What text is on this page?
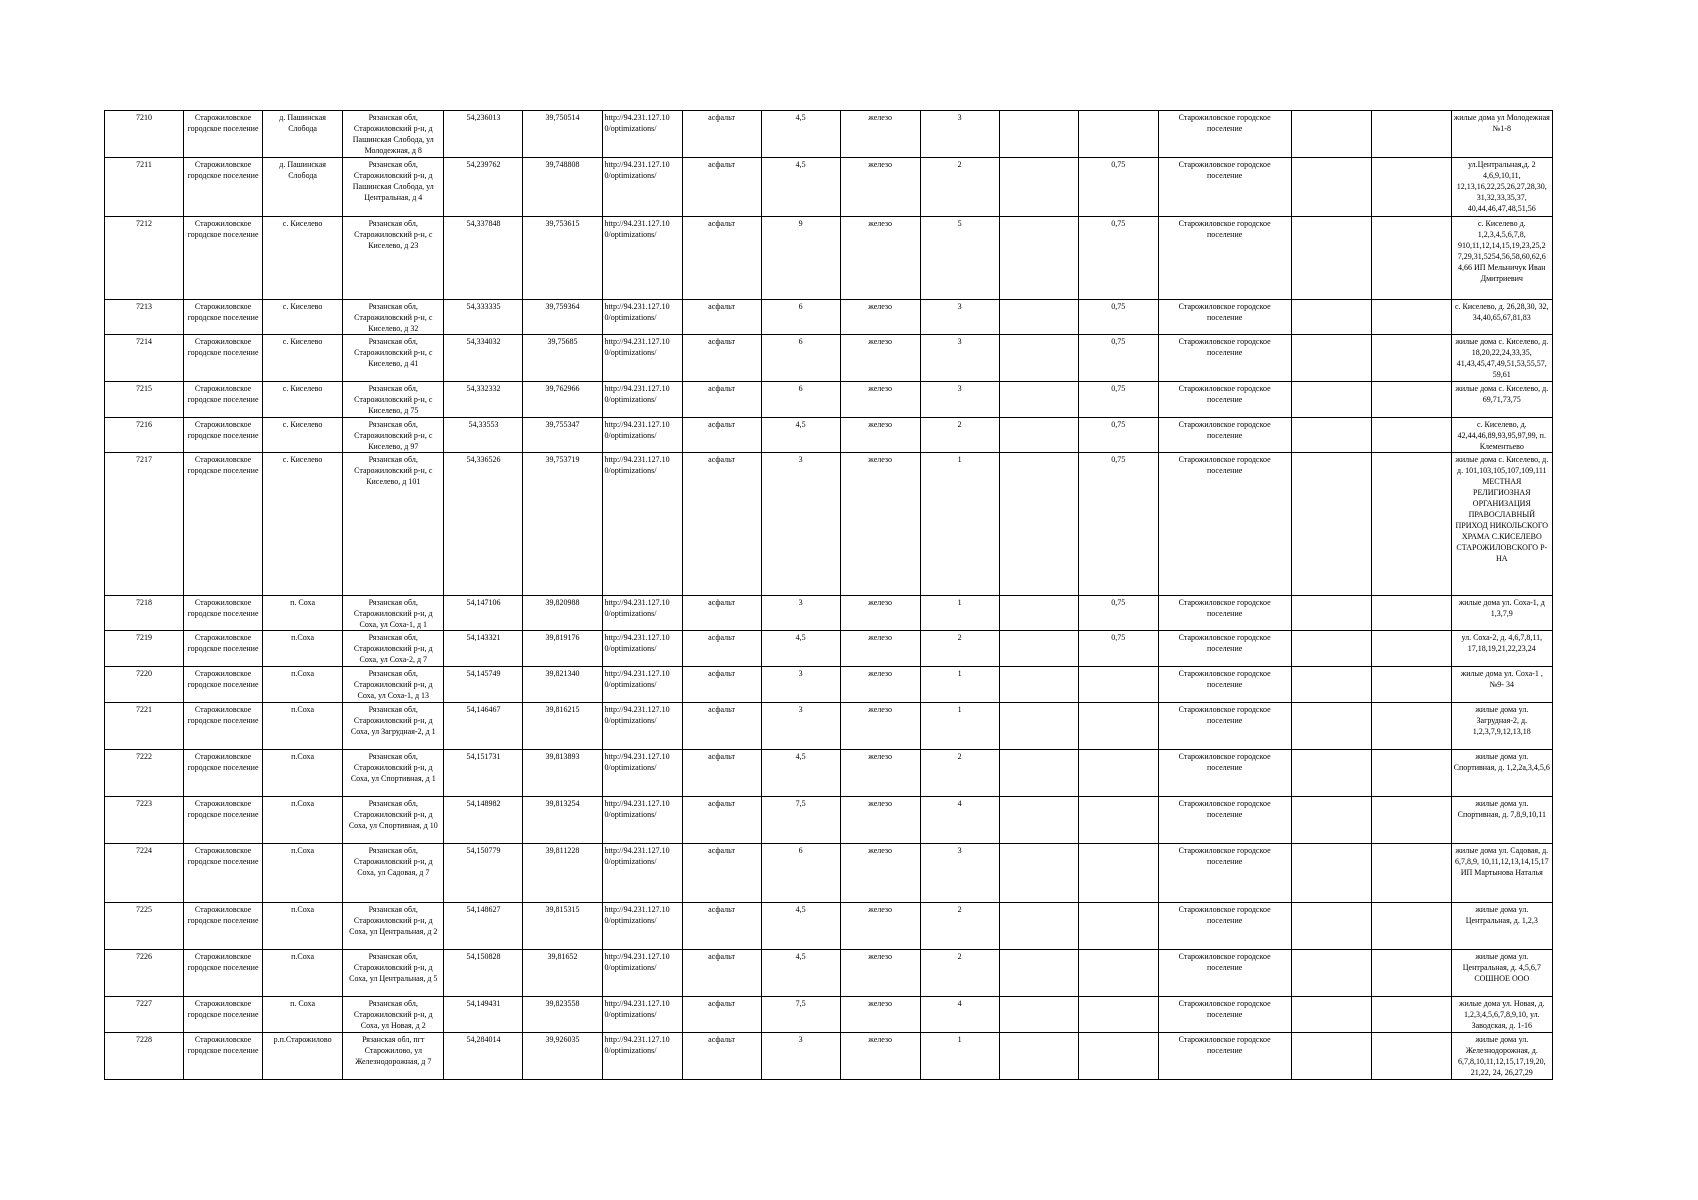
7210	Старожиловское городское поселение	д. Пашинская Слобода	Рязанская обл, Старожиловский р-н, д Пашинская Слобода, ул Молодежная, д 8	54,236013	39,750514	http://94.231.127.10 0/optimizations/	асфальт	4,5	железо	3			Старожиловское городское поселение			жилые дома ул Молодежная №1-8
7211	Старожиловское городское поселение	д. Пашинская Слобода	Рязанская обл, Старожиловский р-н, д Пашинская Слобода, ул Центральная, д 4	54,239762	39,748808	http://94.231.127.10 0/optimizations/	асфальт	4,5	железо	2		0,75	Старожиловское городское поселение			ул.Центральная,д. 2 4,6,9,10,11, 12,13,16,22,25,26,27,28,30, 31,32,33,35,37, 40,44,46,47,48,51,56
7212	Старожиловское городское поселение	с. Киселево	Рязанская обл, Старожиловский р-н, с Киселево, д 23	54,337848	39,753615	http://94.231.127.10 0/optimizations/	асфальт	9	железо	5		0,75	Старожиловское городское поселение			с. Киселево д. 1,2,3,4,5,6,7,8, 910,11,12,14,15,19,23,25,2 7,29,31,5254,56,58,60,62,6 4,66 ИП Мельничук Иван Дмитриевич
7213	Старожиловское городское поселение	с. Киселево	Рязанская обл, Старожиловский р-н, с Киселево, д 32	54,333335	39,759364	http://94.231.127.10 0/optimizations/	асфальт	6	железо	3		0,75	Старожиловское городское поселение			с. Киселево, д. 26,28,30, 32, 34,40,65,67,81,83
7214	Старожиловское городское поселение	с. Киселево	Рязанская обл, Старожиловский р-н, с Киселево, д 41	54,334032	39,75685	http://94.231.127.10 0/optimizations/	асфальт	6	железо	3		0,75	Старожиловское городское поселение			жилые дома с. Киселево, д. 18,20,22,24,33,35, 41,43,45,47,49,51,53,55,57, 59,61
7215	Старожиловское городское поселение	с. Киселево	Рязанская обл, Старожиловский р-н, с Киселево, д 75	54,332332	39,762966	http://94.231.127.10 0/optimizations/	асфальт	6	железо	3		0,75	Старожиловское городское поселение			жилые дома с. Киселево, д. 69,71,73,75
7216	Старожиловское городское поселение	с. Киселево	Рязанская обл, Старожиловский р-н, с Киселево, д 97	54,33553	39,755347	http://94.231.127.10 0/optimizations/	асфальт	4,5	железо	2		0,75	Старожиловское городское поселение			с. Киселево, д. 42,44,46,89,93,95,97,99, п. Клементьево
7217	Старожиловское городское поселение	с. Киселево	Рязанская обл, Старожиловский р-н, с Киселево, д 101	54,336526	39,753719	http://94.231.127.10 0/optimizations/	асфальт	3	железо	1		0,75	Старожиловское городское поселение			жилые дома с. Киселево, д. д. 101,103,105,107,109,111 МЕСТНАЯ РЕЛИГИОЗНАЯ ОРГАНИЗАЦИЯ ПРАВОСЛАВНЫЙ ПРИХОД НИКОЛЬСКОГО ХРАМА С.КИСЕЛЕВО СТАРОЖИЛОВСКОГО Р-НА
7218	Старожиловское городское поселение	п. Соха	Рязанская обл, Старожиловский р-н, д Соха, ул Соха-1, д 1	54,147106	39,820988	http://94.231.127.10 0/optimizations/	асфальт	3	железо	1		0,75	Старожиловское городское поселение			жилые дома ул. Соха-1, д 1,3,7,9
7219	Старожиловское городское поселение	п.Соха	Рязанская обл, Старожиловский р-н, д Соха, ул Соха-2, д 7	54,143321	39,819176	http://94.231.127.10 0/optimizations/	асфальт	4,5	железо	2		0,75	Старожиловское городское поселение			ул. Соха-2, д. 4,6,7,8,11, 17,18,19,21,22,23,24
7220	Старожиловское городское поселение	п.Соха	Рязанская обл, Старожиловский р-н, д Соха, ул Соха-1, д 13	54,145749	39,821340	http://94.231.127.10 0/optimizations/	асфальт	3	железо	1			Старожиловское городское поселение			жилые дома ул. Соха-1 , №9- 34
7221	Старожиловское городское поселение	п.Соха	Рязанская обл, Старожиловский р-н, д Соха, ул Загрудная-2, д 1	54,146467	39,816215	http://94.231.127.10 0/optimizations/	асфальт	3	железо	1			Старожиловское городское поселение			жилые дома ул. Загрудная-2, д. 1,2,3,7,9,12,13,18
7222	Старожиловское городское поселение	п.Соха	Рязанская обл, Старожиловский р-н, д Соха, ул Спортивная, д 1	54,151731	39,813893	http://94.231.127.10 0/optimizations/	асфальт	4,5	железо	2			Старожиловское городское поселение			жилые дома ул. Спортивная, д. 1,2,2а,3,4,5,6
7223	Старожиловское городское поселение	п.Соха	Рязанская обл, Старожиловский р-н, д Соха, ул Спортивная, д 10	54,148982	39,813254	http://94.231.127.10 0/optimizations/	асфальт	7,5	железо	4			Старожиловское городское поселение			жилые дома ул. Спортивная, д. 7,8,9,10,11
7224	Старожиловское городское поселение	п.Соха	Рязанская обл, Старожиловский р-н, д Соха, ул Садовая, д 7	54,150779	39,811228	http://94.231.127.10 0/optimizations/	асфальт	6	железо	3			Старожиловское городское поселение			жилые дома ул. Садовая, д. 6,7,8,9, 10,11,12,13,14,15,17 ИП Мартынова Наталья
7225	Старожиловское городское поселение	п.Соха	Рязанская обл, Старожиловский р-н, д Соха, ул Центральная, д 2	54,148627	39,815315	http://94.231.127.10 0/optimizations/	асфальт	4,5	железо	2			Старожиловское городское поселение			жилые дома ул. Центральная, д. 1,2,3
7226	Старожиловское городское поселение	п.Соха	Рязанская обл, Старожиловский р-н, д Соха, ул Центральная, д 5	54,150828	39,81652	http://94.231.127.10 0/optimizations/	асфальт	4,5	железо	2			Старожиловское городское поселение			жилые дома ул. Центральная, д. 4,5,6,7 СОШНОЕ ООО
7227	Старожиловское городское поселение	п. Соха	Рязанская обл, Старожиловский р-н, д Соха, ул Новая, д 2	54,149431	39,823558	http://94.231.127.10 0/optimizations/	асфальт	7,5	железо	4			Старожиловское городское поселение			жилые дома ул. Новая, д. 1,2,3,4,5,6,7,8,9,10, ул. Заводская, д. 1-16
7228	Старожиловское городское поселение	р.п.Старожилово	Рязанская обл, пгт Старожилово, ул Железнодорожная, д 7	54,284014	39,926035	http://94.231.127.10 0/optimizations/	асфальт	3	железо	1			Старожиловское городское поселение			жилые дома ул. Железнодорожная, д. 6,7,8,10,11,12,15,17,19,20, 21,22, 24, 26,27,29
